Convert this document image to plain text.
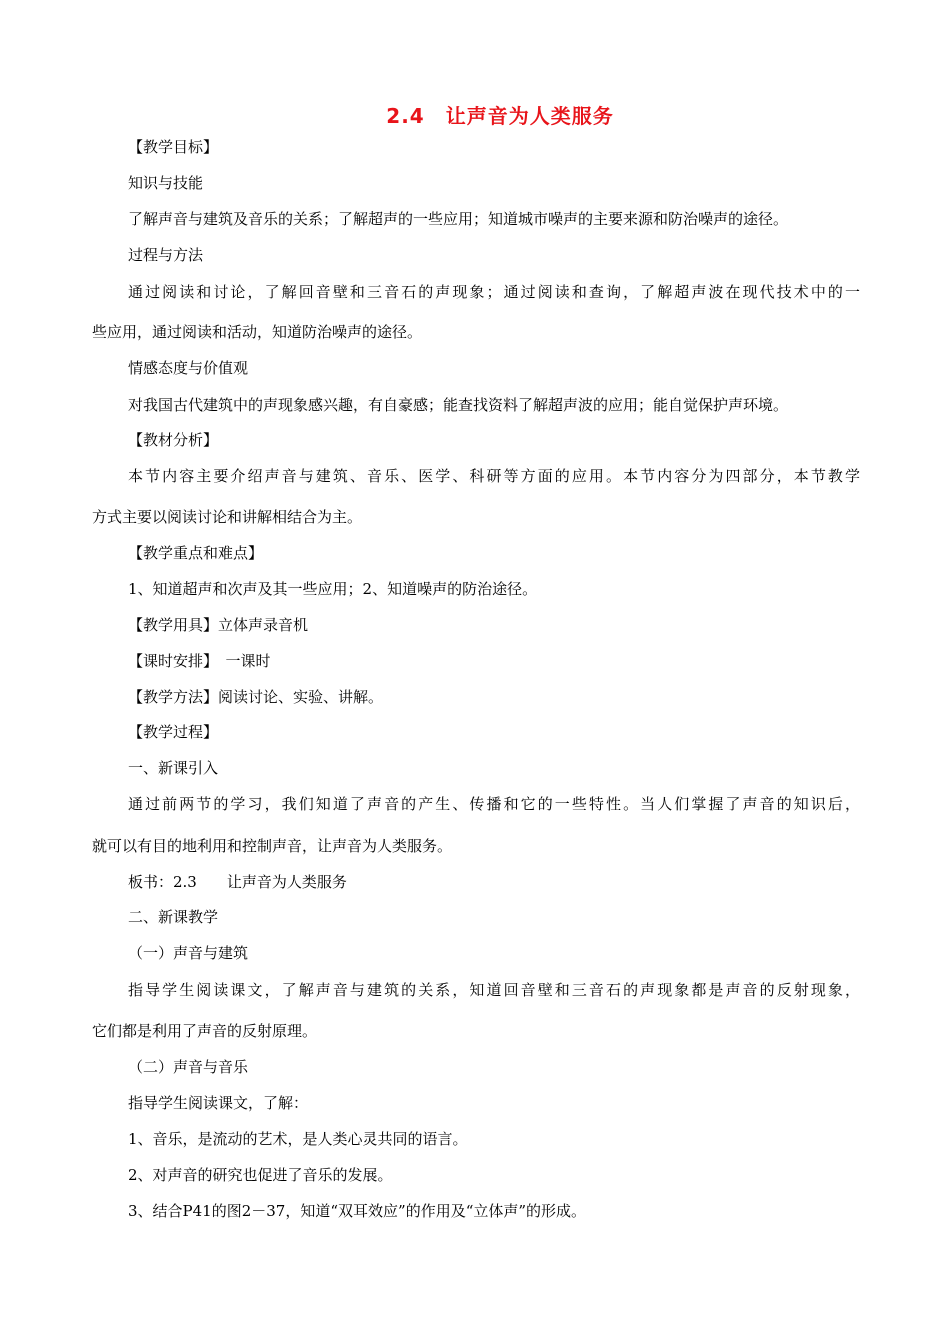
2.4　让声音为人类服务
【教学目标】
知识与技能
了解声音与建筑及音乐的关系；了解超声的一些应用；知道城市噪声的主要来源和防治噪声的途径。
过程与方法
通过阅读和讨论，了解回音壁和三音石的声现象；通过阅读和查询，了解超声波在现代技术中的一
些应用，通过阅读和活动，知道防治噪声的途径。
情感态度与价值观
对我国古代建筑中的声现象感兴趣，有自豪感；能查找资料了解超声波的应用；能自觉保护声环境。
【教材分析】
本节内容主要介绍声音与建筑、音乐、医学、科研等方面的应用。本节内容分为四部分，本节教学
方式主要以阅读讨论和讲解相结合为主。
【教学重点和难点】
1、知道超声和次声及其一些应用；2、知道噪声的防治途径。
【教学用具】立体声录音机
【课时安排】　一课时
【教学方法】阅读讨论、实验、讲解。
【教学过程】
一、新课引入
通过前两节的学习，我们知道了声音的产生、传播和它的一些特性。当人们掌握了声音的知识后，
就可以有目的地利用和控制声音，让声音为人类服务。
板书：2.3　　让声音为人类服务
二、新课教学
（一）声音与建筑
指导学生阅读课文，了解声音与建筑的关系，知道回音壁和三音石的声现象都是声音的反射现象，
它们都是利用了声音的反射原理。
（二）声音与音乐
指导学生阅读课文，了解：
1、音乐，是流动的艺术，是人类心灵共同的语言。
2、对声音的研究也促进了音乐的发展。
3、结合P41的图2－37，知道“双耳效应”的作用及“立体声”的形成。
